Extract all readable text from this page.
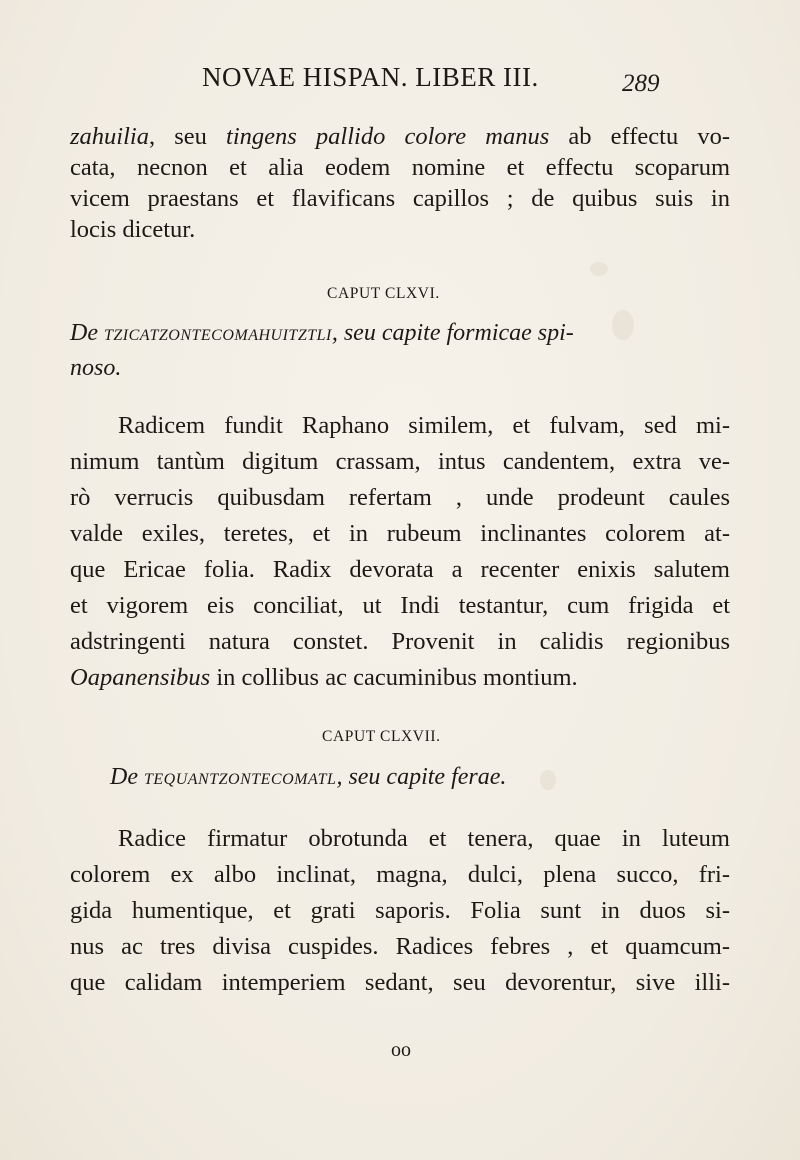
NOVAE HISPAN. LIBER III.	289
zahuilia, seu tingens pallido colore manus ab effectu vo-
cata, necnon et alia eodem nomine et effectu scoparum
vicem praestans et flavificans capillos ; de quibus suis in
locis dicetur.
CAPUT CLXVI.
De TZICATZONTECOMAHUITZTLI, seu capite formicae spi-
noso.
Radicem fundit Raphano similem, et fulvam, sed mi-
nimum tantùm digitum crassam, intus candentem, extra ve-
rò verrucis quibusdam refertam , unde prodeunt caules
valde exiles, teretes, et in rubeum inclinantes colorem at-
que Ericae folia. Radix devorata a recenter enixis salutem
et vigorem eis conciliat, ut Indi testantur, cum frigida et
adstringenti natura constet. Provenit in calidis regionibus
Oapanensibus in collibus ac cacuminibus montium.
CAPUT CLXVII.
De TEQUANTZONTECOMATL, seu capite ferae.
Radice firmatur obrotunda et tenera, quae in luteum
colorem ex albo inclinat, magna, dulci, plena succo, fri-
gida humentique, et grati saporis. Folia sunt in duos si-
nus ac tres divisa cuspides. Radices febres , et quamcum-
que calidam intemperiem sedant, seu devorentur, sive illi-
oo
